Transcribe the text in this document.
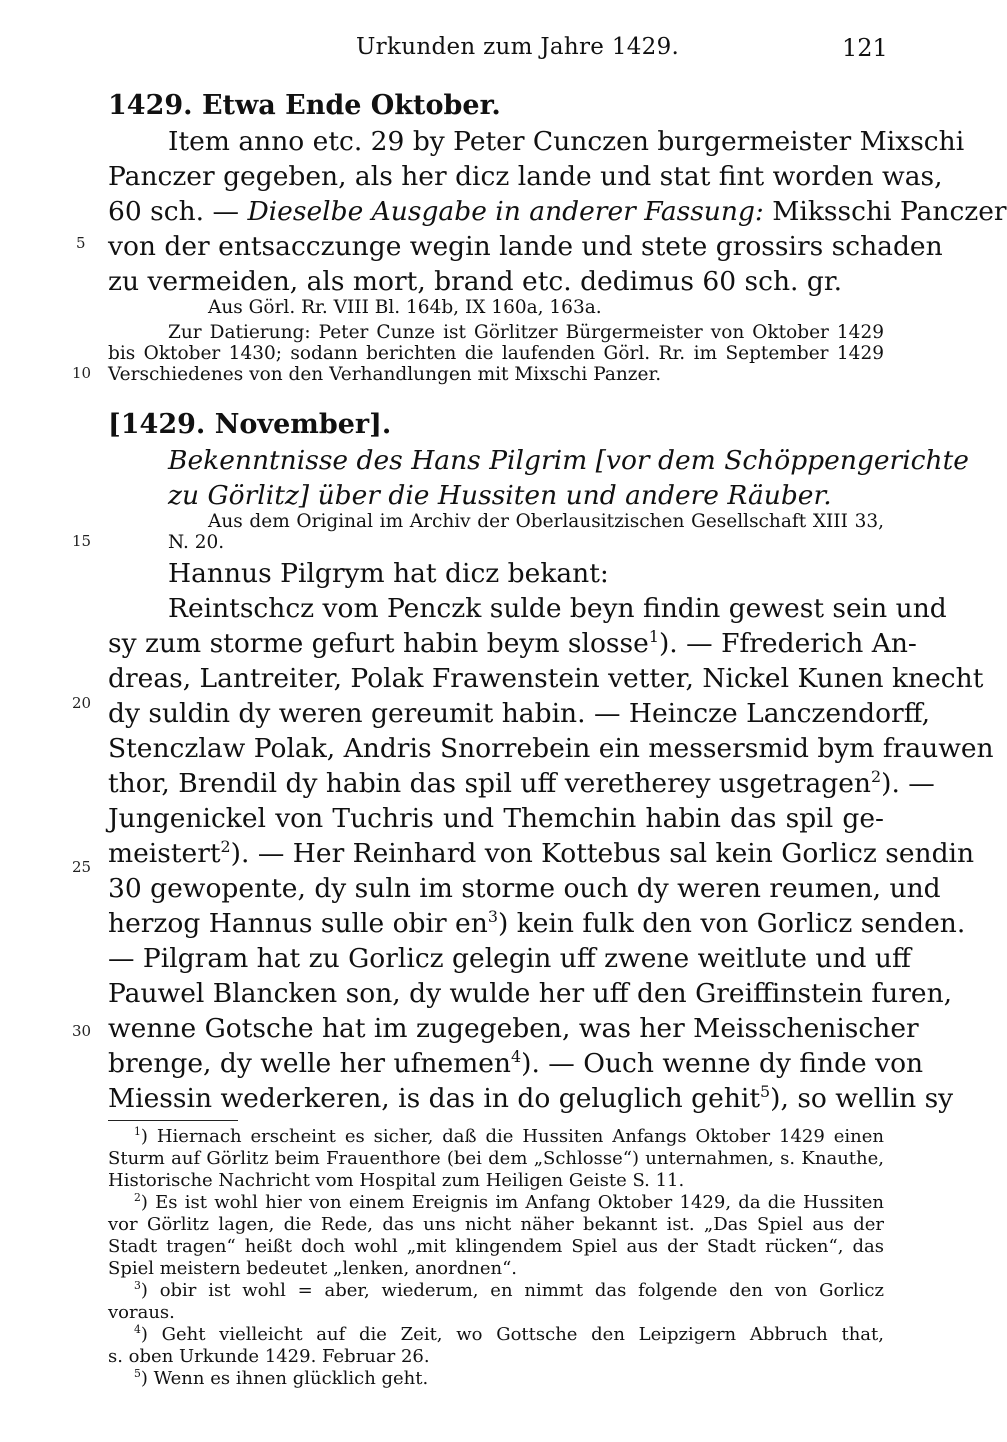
Urkunden zum Jahre 1429.	121
5
10
15
20
25
30
1429. Etwa Ende Oktober.
Item anno etc. 29 by Peter Cunczen burgermeister Mixschi
Panczer gegeben, als her dicz lande und stat fint worden was,
60 sch. — Dieselbe Ausgabe in anderer Fassung: Miksschi Panczer
von der entsacczunge wegin lande und stete grossirs schaden
zu vermeiden, als mort, brand etc. dedimus 60 sch. gr.
Aus Görl. Rr. VIII Bl. 164b, IX 160a, 163a.
Zur Datierung: Peter Cunze ist Görlitzer Bürgermeister von Oktober 1429
bis Oktober 1430; sodann berichten die laufenden Görl. Rr. im September 1429
Verschiedenes von den Verhandlungen mit Mixschi Panzer.
[1429. November].
Bekenntnisse des Hans Pilgrim [vor dem Schöppengerichte
zu Görlitz] über die Hussiten und andere Räuber.
Aus dem Original im Archiv der Oberlausitzischen Gesellschaft XIII 33,
N. 20.
Hannus Pilgrym hat dicz bekant:
Reintschcz vom Penczk sulde beyn findin gewest sein und
sy zum storme gefurt habin beym slosse$^1$). — Ffrederich An-
dreas, Lantreiter, Polak Frawenstein vetter, Nickel Kunen knecht
dy suldin dy weren gereumit habin. — Heincze Lanczendorff,
Stenczlaw Polak, Andris Snorrebein ein messersmid bym frauwen
thor, Brendil dy habin das spil uff veretherey usgetragen$^2$). —
Jungenickel von Tuchris und Themchin habin das spil ge-
meistert$^2$). — Her Reinhard von Kottebus sal kein Gorlicz sendin
30 gewopente, dy suln im storme ouch dy weren reumen, und
herzog Hannus sulle obir $en^3$) kein fulk den von Gorlicz senden.
— Pilgram hat zu Gorlicz gelegin uff zwene weitlute und uff
Pauwel Blancken son, dy wulde her uff den Greiffinstein furen,
wenne Gotsche hat im zugegeben, was her Meisschenischer
brenge, dy welle her ufnemen$^4$). — Ouch wenne dy finde von
Miessin wederkeren, is das in do geluglich gehit$^5$), so wellin sy
$^1$) Hiernach erscheint es sicher, daß die Hussiten Anfangs Oktober 1429 einen
Sturm auf Görlitz beim Frauenthore (bei dem „Schlosse“) unternahmen, s. Knauthe,
Historische Nachricht vom Hospital zum Heiligen Geiste S. 11.
$^2$) Es ist wohl hier von einem Ereignis im Anfang Oktober 1429, da die Hussiten
vor Görlitz lagen, die Rede, das uns nicht näher bekannt ist. „Das Spiel aus der
Stadt tragen“ heißt doch wohl „mit klingendem Spiel aus der Stadt rücken“, das
Spiel meistern bedeutet „lenken, anordnen“.
$^3$) obir ist wohl = aber, wiederum, en nimmt das folgende den von Gorlicz
voraus.
$^4$) Geht vielleicht auf die Zeit, wo Gottsche den Leipzigern Abbruch that,
s. oben Urkunde 1429. Februar 26.
$^5$) Wenn es ihnen glücklich geht.
